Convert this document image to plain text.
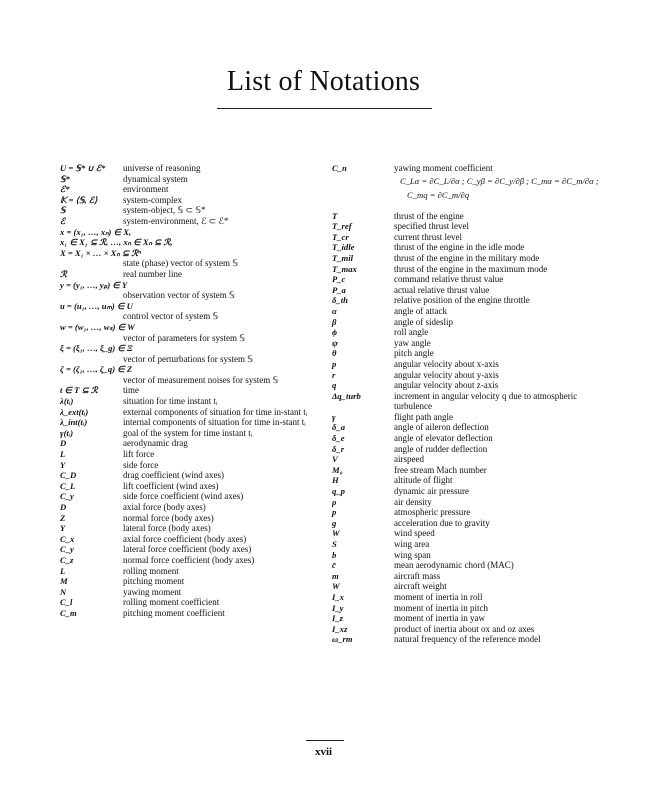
List of Notations
U = 𝕊* ∪ ℰ*	universe of reasoning
𝕊*	dynamical system
ℰ*	environment
𝕂 = ⟨𝕊, ℰ⟩	system-complex
𝕊	system-object, 𝕊 ⊂ 𝕊*
ℰ	system-environment, ℰ ⊂ ℰ*
x = (x₁, …, xₙ) ∈ X,
x₁ ∈ X₁ ⊆ ℛ, …, xₙ ∈ Xₙ ⊆ ℛ,
X = X₁ × … × Xₙ ⊆ ℛⁿ
state (phase) vector of system 𝕊
ℛ	real number line
y = (y₁, …, yₚ) ∈ Y
observation vector of system 𝕊
u = (u₁, …, uₘ) ∈ U
control vector of system 𝕊
w = (w₁, …, wₛ) ∈ W
vector of parameters for system 𝕊
ξ = (ξ₁, …, ξ_g) ∈ Ξ
vector of perturbations for system 𝕊
ζ = (ζ₁, …, ζ_q) ∈ Z
vector of measurement noises for system 𝕊
t ∈ T ⊆ ℛ	time
λ(tᵢ)	situation for time instant tᵢ
λ_ext(tᵢ)	external components of situation for time in-stant tᵢ
λ_int(tᵢ)	internal components of situation for time in-stant tᵢ
γ(tᵢ)	goal of the system for time instant tᵢ
D	aerodynamic drag
L	lift force
Y	side force
C_D	drag coefficient (wind axes)
C_L	lift coefficient (wind axes)
C_y	side force coefficient (wind axes)
D	axial force (body axes)
Z	normal force (body axes)
Y	lateral force (body axes)
C_x	axial force coefficient (body axes)
C_y	lateral force coefficient (body axes)
C_z	normal force coefficient (body axes)
L	rolling moment
M	pitching moment
N	yawing moment
C_l	rolling moment coefficient
C_m	pitching moment coefficient
C_n	yawing moment coefficient
C_Lα = ∂C_L/∂α ; C_yβ = ∂C_y/∂β ; C_mα = ∂C_m/∂α ;
C_mq = ∂C_m/∂q
T	thrust of the engine
T_ref	specified thrust level
T_cr	current thrust level
T_idle	thrust of the engine in the idle mode
T_mil	thrust of the engine in the military mode
T_max	thrust of the engine in the maximum mode
P_c	command relative thrust value
P_a	actual relative thrust value
δ_th	relative position of the engine throttle
α	angle of attack
β	angle of sideslip
ϕ	roll angle
ψ	yaw angle
θ	pitch angle
p	angular velocity about x-axis
r	angular velocity about y-axis
q	angular velocity about z-axis
Δq_turb	increment in angular velocity q due to atmospheric turbulence
γ	flight path angle
δ_a	angle of aileron deflection
δ_e	angle of elevator deflection
δ_r	angle of rudder deflection
V	airspeed
M₀	free stream Mach number
H	altitude of flight
q_p	dynamic air pressure
ρ	air density
p	atmospheric pressure
g	acceleration due to gravity
W	wind speed
S	wing area
b	wing span
c̄	mean aerodynamic chord (MAC)
m	aircraft mass
W	aircraft weight
I_x	moment of inertia in roll
I_y	moment of inertia in pitch
I_z	moment of inertia in yaw
I_xz	product of inertia about ox and oz axes
ω_rm	natural frequency of the reference model
xvii
